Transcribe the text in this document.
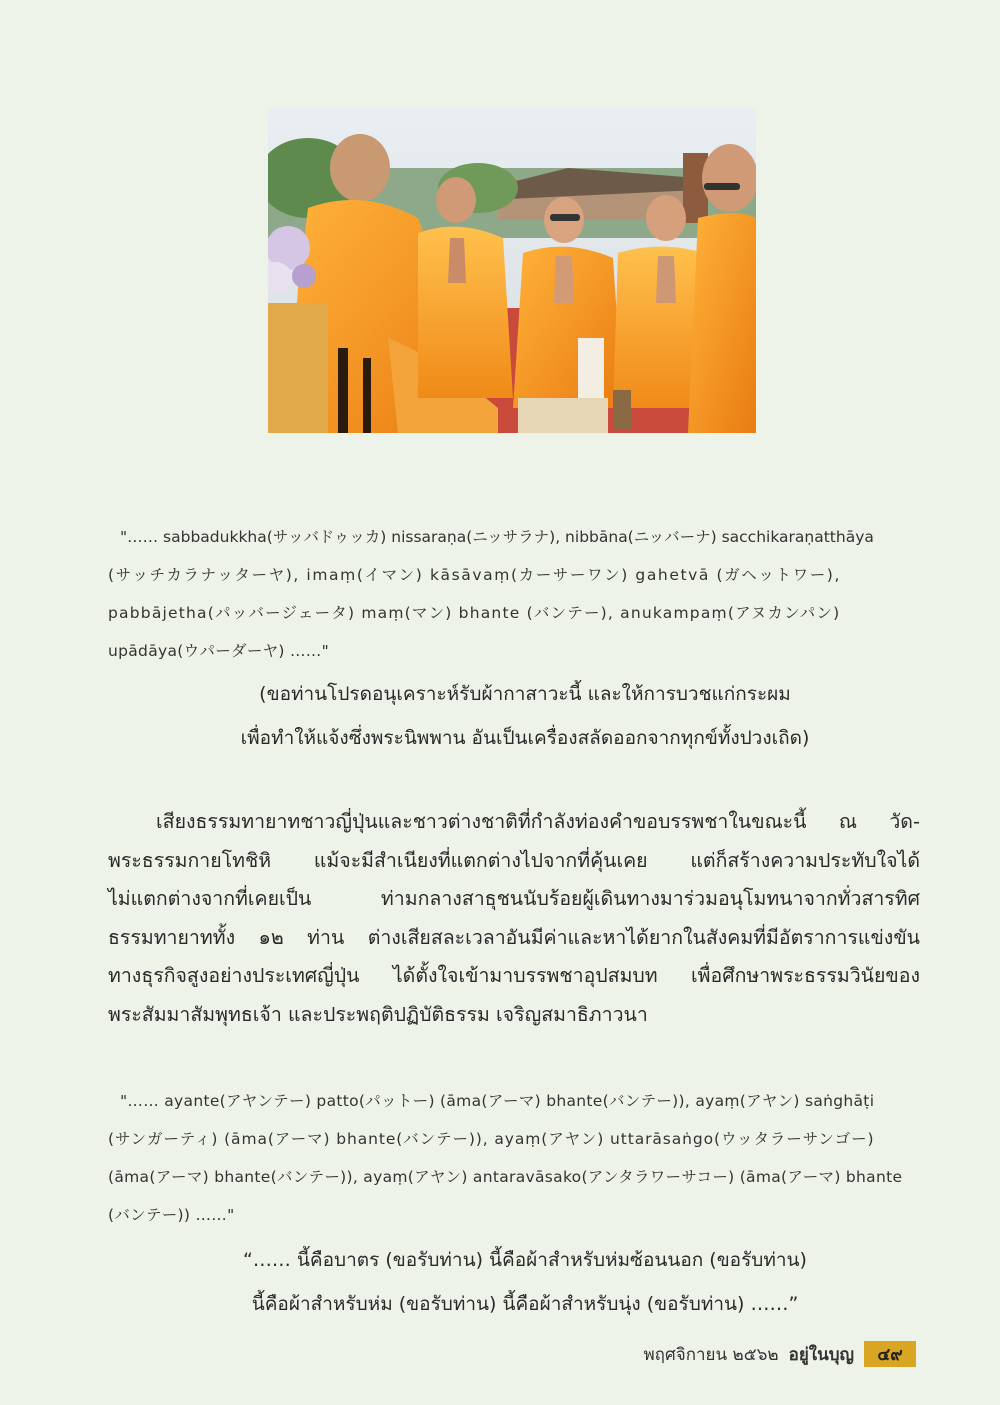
"…… sabbadukkha(サッバドゥッカ) nissaraṇa(ニッサラナ), nibbāna(ニッバーナ) sacchikaraṇatthāya
(サッチカラナッターヤ), imaṃ(イマン) kāsāvaṃ(カーサーワン) gahetvā (ガヘットワー),
pabbājetha(パッバージェータ) maṃ(マン) bhante (バンテー), anukampaṃ(アヌカンパン)
upādāya(ウパーダーヤ) ……"
(ขอท่านโปรดอนุเคราะห์รับผ้ากาสาวะนี้ และให้การบวชแก่กระผม
เพื่อทำให้แจ้งซึ่งพระนิพพาน อันเป็นเครื่องสลัดออกจากทุกข์ทั้งปวงเถิด)
เสียงธรรมทายาทชาวญี่ปุ่นและชาวต่างชาติที่กำลังท่องคำขอบรรพชาในขณะนี้ ณ วัด-
พระธรรมกายโทชิหิ แม้จะมีสำเนียงที่แตกต่างไปจากที่คุ้นเคย แต่ก็สร้างความประทับใจได้
ไม่แตกต่างจากที่เคยเป็น ท่ามกลางสาธุชนนับร้อยผู้เดินทางมาร่วมอนุโมทนาจากทั่วสารทิศ
ธรรมทายาททั้ง ๑๒ ท่าน ต่างเสียสละเวลาอันมีค่าและหาได้ยากในสังคมที่มีอัตราการแข่งขัน
ทางธุรกิจสูงอย่างประเทศญี่ปุ่น ได้ตั้งใจเข้ามาบรรพชาอุปสมบท เพื่อศึกษาพระธรรมวินัยของ
พระสัมมาสัมพุทธเจ้า และประพฤติปฏิบัติธรรม เจริญสมาธิภาวนา
"…… ayante(アヤンテー) patto(パットー) (āma(アーマ) bhante(バンテー)), ayaṃ(アヤン) saṅghāṭi
(サンガーティ) (āma(アーマ) bhante(バンテー)), ayaṃ(アヤン) uttarāsaṅgo(ウッタラーサンゴー)
(āma(アーマ) bhante(バンテー)), ayaṃ(アヤン) antaravāsako(アンタラワーサコー) (āma(アーマ) bhante
(バンテー)) ……"
“…… นี้คือบาตร (ขอรับท่าน) นี้คือผ้าสำหรับห่มซ้อนนอก (ขอรับท่าน)
นี้คือผ้าสำหรับห่ม (ขอรับท่าน) นี้คือผ้าสำหรับนุ่ง (ขอรับท่าน) ……”
พฤศจิกายน ๒๕๖๒ อยู่ในบุญ	๔๙
